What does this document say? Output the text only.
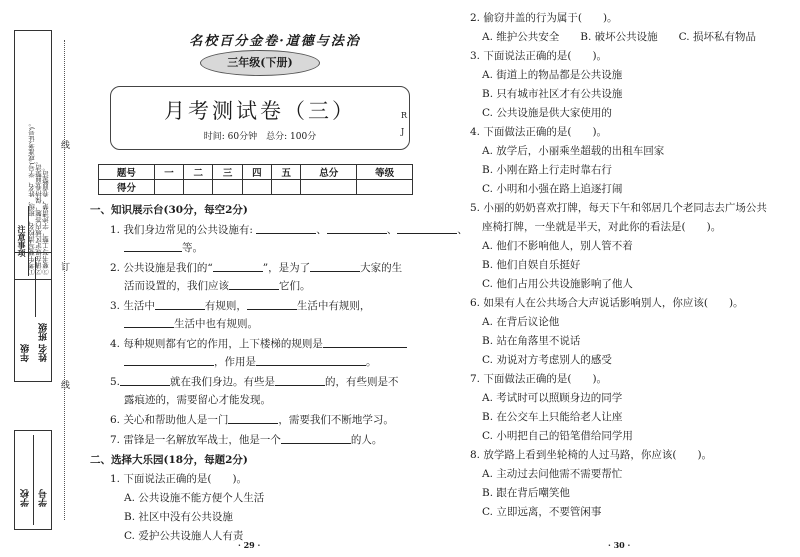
注意事项 ①考生要写清校名、班级、姓名、学号(或准考证号)。 ②请在规定区域内答题，保持卷面整洁。 ③要书写工整，字迹清楚，卷面整洁。
班级
年级 姓名
学校 学号
线
订
线
名校百分金卷·道德与法治
三年级(下册)
月考测试卷（三）
时间: 60分钟　总分: 100分
R
J
题号	一	二	三	四	五	总分	等级
得分							
一、知识展示台(30分，每空2分)
1. 我们身边常见的公共设施有:	、	、	、
等。
2. 公共设施是我们的“	”，是为了	大家的生
活而设置的，我们应该	它们。
3. 生活中	有规则，	生活中有规则，
生活中也有规则。
4. 每种规则都有它的作用，上下楼梯的规则是
，作用是	。
5.	就在我们身边。有些是	的，有些则是不
露痕迹的，需要留心才能发现。
6. 关心和帮助他人是一门	，需要我们不断地学习。
7. 雷锋是一名解放军战士，他是一个	的人。
二、选择大乐园(18分，每题2分)
1. 下面说法正确的是(　　)。
A. 公共设施不能方便个人生活
B. 社区中没有公共设施
C. 爱护公共设施人人有责
· 29 ·
2. 偷窃井盖的行为属于(　　)。
A. 维护公共安全　　B. 破坏公共设施　　C. 损坏私有物品
3. 下面说法正确的是(　　)。
A. 街道上的物品都是公共设施
B. 只有城市社区才有公共设施
C. 公共设施是供大家使用的
4. 下面做法正确的是(　　)。
A. 放学后，小丽乘坐超载的出租车回家
B. 小刚在路上行走时靠右行
C. 小明和小强在路上追逐打闹
5. 小丽的奶奶喜欢打牌，每天下午和邻居几个老同志去广场公共
座椅打牌，一坐就是半天，对此你的看法是(　　)。
A. 他们不影响他人，别人管不着
B. 他们自娱自乐挺好
C. 他们占用公共设施影响了他人
6. 如果有人在公共场合大声说话影响别人，你应该(　　)。
A. 在背后议论他
B. 站在角落里不说话
C. 劝说对方考虑别人的感受
7. 下面做法正确的是(　　)。
A. 考试时可以照顾身边的同学
B. 在公交车上只能给老人让座
C. 小明把自己的铅笔借给同学用
8. 放学路上看到坐轮椅的人过马路，你应该(　　)。
A. 主动过去问他需不需要帮忙
B. 跟在背后嘲笑他
C. 立即远离，不要管闲事
· 30 ·
